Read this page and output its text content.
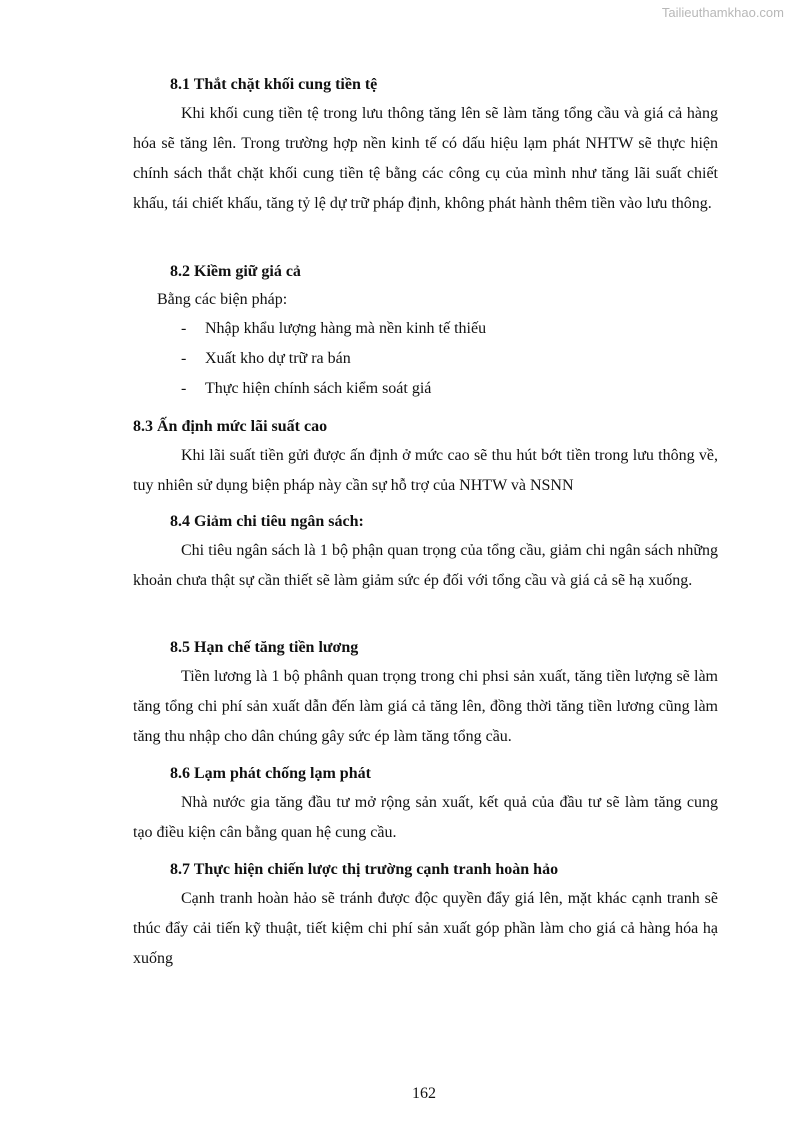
Tailieuthamkhao.com
8.1 Thắt chặt khối cung tiền tệ
Khi khối cung tiền tệ trong lưu thông tăng lên sẽ làm tăng tổng cầu và giá cả hàng hóa sẽ tăng lên. Trong trường hợp nền kinh tế có dấu hiệu lạm phát NHTW sẽ thực hiện chính sách thắt chặt khối cung tiền tệ bằng các công cụ của mình như tăng lãi suất chiết khấu, tái chiết khấu, tăng tỷ lệ dự trữ pháp định, không phát hành thêm tiền vào lưu thông.
8.2 Kiềm giữ giá cả
Bằng các biện pháp:
- Nhập khẩu lượng hàng mà nền kinh tế thiếu
- Xuất kho dự trữ ra bán
- Thực hiện chính sách kiểm soát giá
8.3 Ấn định mức lãi suất cao
Khi lãi suất tiền gửi được ấn định ở mức cao sẽ thu hút bớt tiền trong lưu thông về, tuy nhiên sử dụng biện pháp này cần sự hỗ trợ của NHTW và NSNN
8.4 Giảm chi tiêu ngân sách:
Chi tiêu ngân sách là 1 bộ phận quan trọng của tổng cầu, giảm chi ngân sách những khoản chưa thật sự cần thiết sẽ làm giảm sức ép đối với tổng cầu và giá cả sẽ hạ xuống.
8.5 Hạn chế tăng tiền lương
Tiền lương là 1 bộ phânh quan trọng trong chi phsi sản xuất, tăng tiền lượng sẽ làm tăng tổng chi phí sản xuất dẫn đến làm giá cả tăng lên, đồng thời tăng tiền lương cũng làm tăng thu nhập cho dân chúng gây sức ép làm tăng tổng cầu.
8.6 Lạm phát chống lạm phát
Nhà nước gia tăng đầu tư mở rộng sản xuất, kết quả của đầu tư sẽ làm tăng cung tạo điều kiện cân bằng quan hệ cung cầu.
8.7 Thực hiện chiến lược thị trường cạnh tranh hoàn hảo
Cạnh tranh hoàn hảo sẽ tránh được độc quyền đẩy giá lên, mặt khác cạnh tranh sẽ thúc đẩy cải tiến kỹ thuật, tiết kiệm chi phí sản xuất góp phần làm cho giá cả hàng hóa hạ xuống
162
